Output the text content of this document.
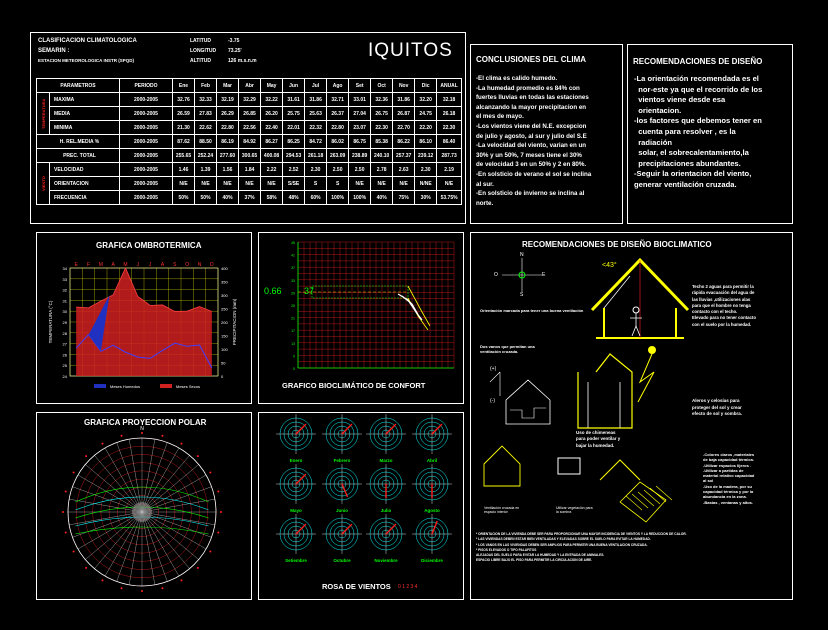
CLASIFICACION CLIMATOLOGICA
SEMARIN :
ESTACION METEOROLOGICA INSTR (SPQD)
LATITUD	-3.75
LONGITUD 73.25'
ALTITUD	126 m.s.n.m	IQUITOS
PARAMETROS		PERIODO	Ene	Feb	Mar	Abr	May	Jun	Jul	Ago	Set	Oct	Nov	Dic	ANUAL
TEMPERATURA	MAXIMA	2000-2005	32.76	32.33	32.19	32.29	32.22	31.61	31.86	32.71	33.01	32.36	31.86	32.20	32.18
	MEDIA	2000-2005	26.59	27.83	26.29	26.85	26.20	25.75	25.63	26.37	27.04	26.75	26.87	24.75	26.18
	MINIMA	2000-2005	21.30	22.62	22.80	22.56	22.40	22.01	22.32	22.80	23.07	22.30	22.70	22.20	22.30
H. REL.MEDIA %		2000-2005	87.62	88.50	86.19	84.92	86.27	86.25	84.72	86.02	86.75	85.38	86.22	86.10	86.40
PREC. TOTAL		2000-2005	255.65	252.24	277.60	300.65	400.08	294.53	261.18	263.09	238.89	240.10	257.37	239.12	287.73
VIENTO	VELOCIDAD	2000-2005	1.46	1.39	1.56	1.84	2.22	2.52	2.30	2.50	2.50	2.78	2.63	2.30	2.19
	ORIENTACION	2000-2005	N/E	N/E	N/E	N/E	N/E	S/SE	S	S	N/E	N/E	N/E	N/NE	N/E
	FRECUENCIA	2000-2005	50%	50%	40%	37%	58%	48%	60%	100%	100%	40%	75%	30%	53.75%
CONCLUSIONES DEL CLIMA
-El clima es calido humedo.
-La humedad promedio es 84% con
fuertes lluvias en todas las estaciones
alcanzando la mayor precipitacion en
el mes de mayo.
-Los vientos viene del N.E. excepcion
de julio y agosto, al sur y julio del S.E
-La velocidad del viento, varian en un
30% y un 50%, 7 meses tiene el 30%
de velocidad 3 en un 50% y 2 en 80%.
-En solsticio de verano el sol se inclina
al sur.
-En solsticio de invierno se inclina al
norte.
RECOMENDACIONES DE DISEÑO
-La orientación recomendada es el
nor-este ya que el recorrido de los
vientos viene desde esa
orientacion.
-los factores que debemos tener en
cuenta para resolver , es la
radiación
solar, el sobrecalentamiento,la
precipitaciones abundantes.
-Seguir la orientacion del viento,
generar ventilación cruzada.
GRAFICA OMBROTERMICA
E F M A M J J A S O N D
34
33
32
31
30
29
28
27
26
25
24
400
350
300
250
200
150
100
50
0
TEMPERATURA (°C)	PRECIPITACION (mm)
Meses Humedos	Meses Secos
45
41
37
33
29
25
21
17
13
9
5
0.66 37
GRAFICO BIOCLIMÁTICO DE CONFORT
GRAFICA PROYECCION POLAR
N
Enero	Febrero	Marzo	Abril
Mayo	Junio	Julio	Agosto
Setiembre	Octubre	Noviembre	Diciembre
ROSA DE VIENTOS 0 1 2 3 4
RECOMENDACIONES DE DISEÑO BIOCLIMATICO
<43°
N
S
E
O
Orientación marcada para tener una buena ventilación
Techo 2 aguas para permitir la
rápida evacuación del agua de
las lluvias ,utilizaciones alas
para que el hombre no tenga
contacto con el techo.
Elevado para no tener contacto
con el suelo por la humedad.
Dos vanos que permitan una
ventilación cruzada.
Uso de chimeneas
para poder ventilar y
bajar la humedad.
Aleros y celosías para
proteger del sol y crear
efecto de sol y sombra.
-Colores claros ,materiales
de baja capacidad térmica.
-Utilizar espacios lijeros .
-Utilizar a partidas de
material relativo capacidad
al sol
-Uso de la madera, por su
capacidad térmica y por la
abundancia en la zona.
-Bastas , ventanas y altos.
(+)
(-)
Ventilación cruzada en espacio interior
Utilizar vegetación para la sombra
* ORIENTACION DE LA VIVIENDA DEBE SER PARA PROPORCIONAR UNA MAYOR INCIDENCIA DE VIENTOS Y LA REDUCCION DE CALOR.
* LAS VIVIENDAS DEBEN ESTAR BIEN VENTILADAS Y ELEVADAS SOBRE EL SUELO PARA EVITAR LA HUMEDAD.
* LOS VANOS EN LAS VIVIENDAS DEBEN SER AMPLIOS PARA PERMITIR UNA BUENA VENTILACION CRUZADA.
* PISOS ELEVADOS O TIPO PALAFITOS
ALEJADAS DEL SUELO PARA EVITAR LA HUMEDAD Y LA ENTRADA DE ANIMALES.
ESPACIO LIBRE BAJO EL PISO PARA PERMITIR LA CIRCULACION DE AIRE.
